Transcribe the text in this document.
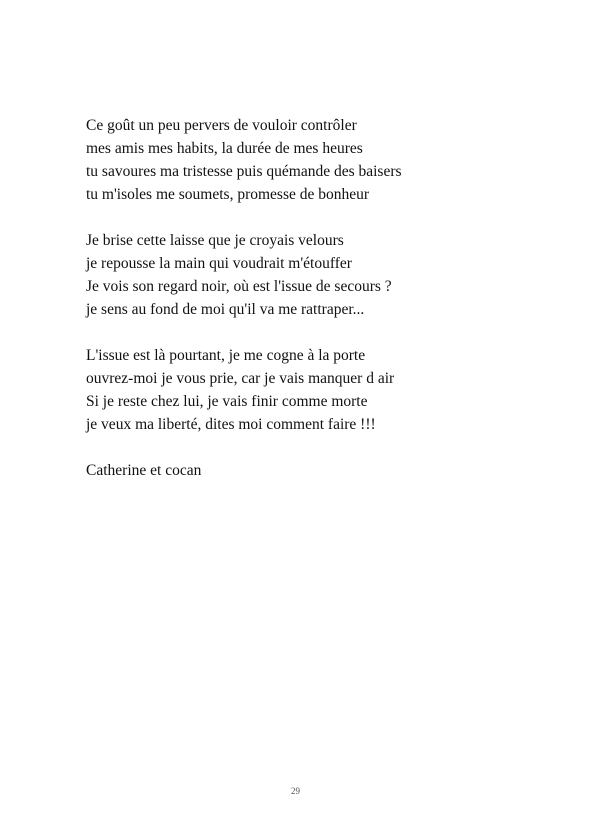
Ce goût un peu pervers de vouloir contrôler
mes amis mes habits, la durée de mes heures
tu savoures ma tristesse puis quémande des baisers
tu m'isoles me soumets, promesse de bonheur
Je brise cette laisse que je croyais velours
je repousse la main qui voudrait m'étouffer
Je vois son regard noir, où est l'issue de secours ?
je sens au fond de moi qu'il va me rattraper...
L'issue est là pourtant, je me cogne à la porte
ouvrez-moi je vous prie, car je vais manquer d air
Si je reste chez lui, je vais finir comme morte
je veux ma liberté, dites moi comment faire !!!
Catherine et cocan
29
